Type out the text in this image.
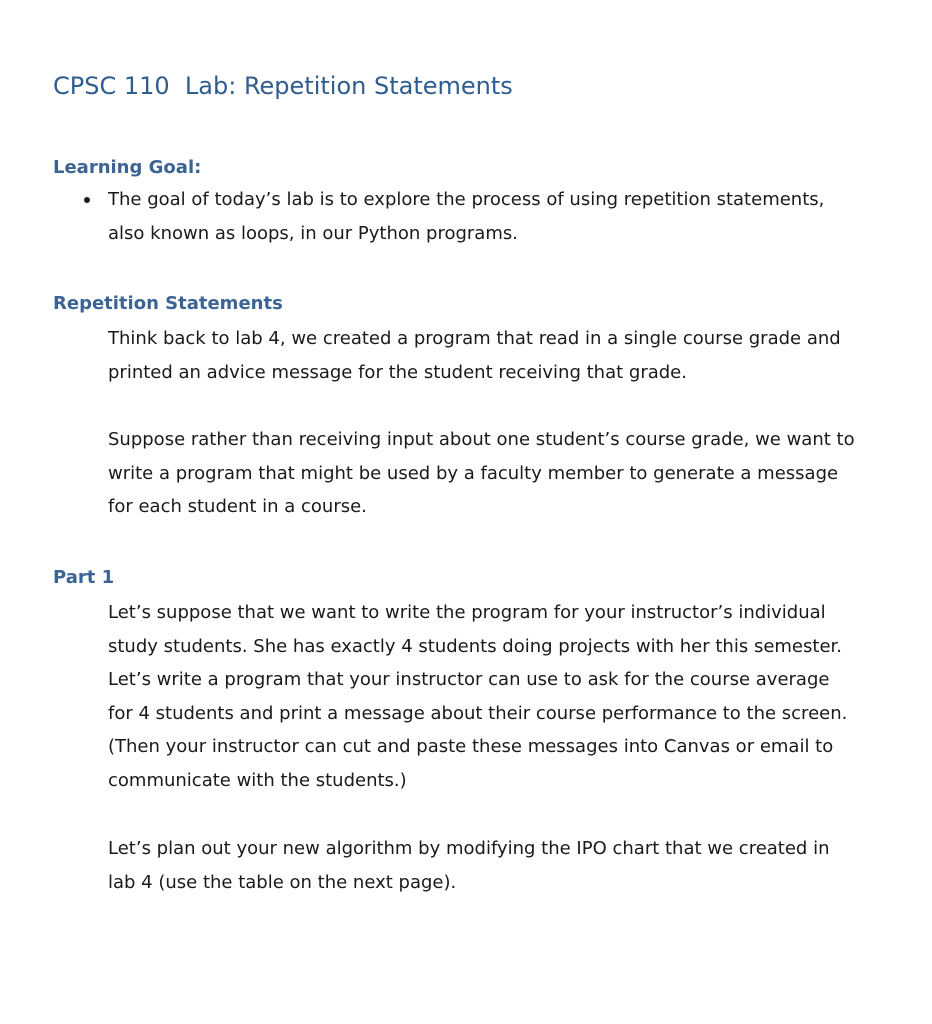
CPSC 110  Lab: Repetition Statements
Learning Goal:
The goal of today’s lab is to explore the process of using repetition statements,
also known as loops, in our Python programs.
Repetition Statements

Think back to lab 4, we created a program that read in a single course grade and
printed an advice message for the student receiving that grade.

Suppose rather than receiving input about one student’s course grade, we want to
write a program that might be used by a faculty member to generate a message
for each student in a course.

Part 1

Let’s suppose that we want to write the program for your instructor’s individual
study students. She has exactly 4 students doing projects with her this semester.
Let’s write a program that your instructor can use to ask for the course average
for 4 students and print a message about their course performance to the screen.
(Then your instructor can cut and paste these messages into Canvas or email to
communicate with the students.)

Let’s plan out your new algorithm by modifying the IPO chart that we created in
lab 4 (use the table on the next page).
